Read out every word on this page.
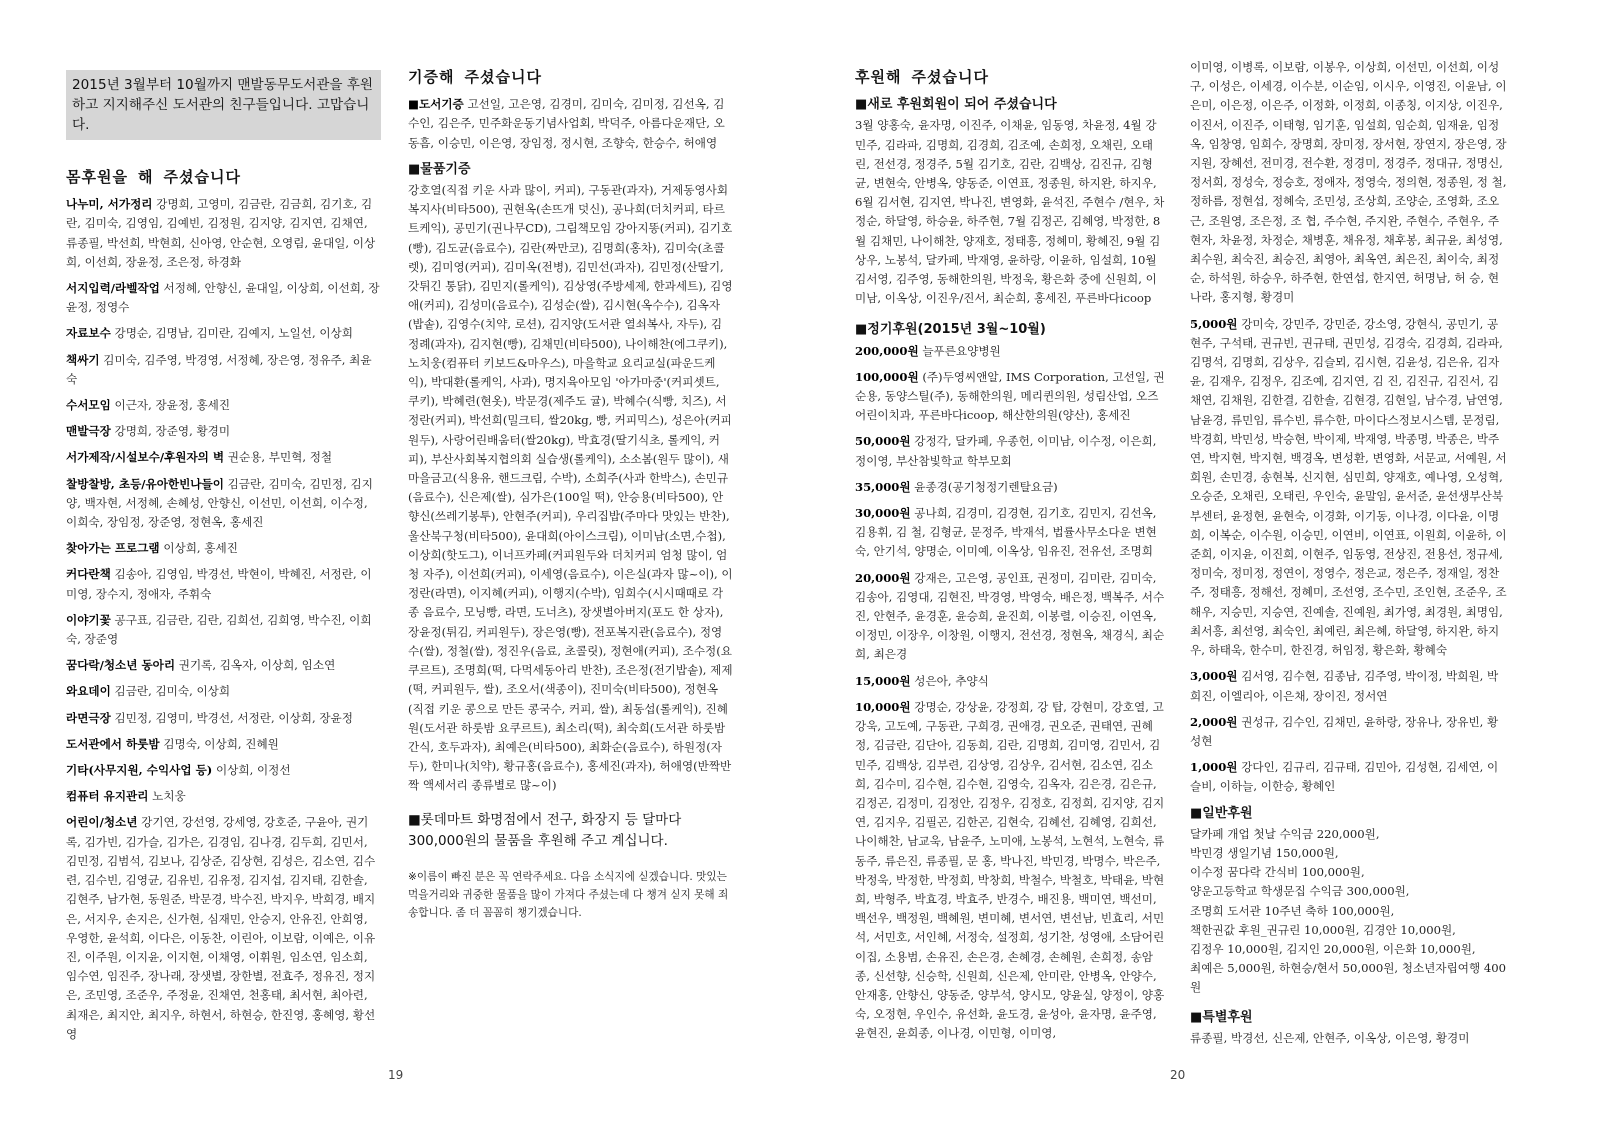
2015년 3월부터 10월까지 맨발동무도서관을 후원하고 지지해주신 도서관의 친구들입니다. 고맙습니다.
몸후원을 해 주셨습니다

나누미, 서가정리 강명희, 고영미, 김금란, 김금희, 김기호, 김 란, 김미숙, 김영임, 김예빈, 김정원, 김지양, 김지연, 김채연, 류종필, 박선희, 박현희, 신아영, 안순현, 오영림, 윤대일, 이상희, 이선희, 장윤정, 조은정, 하경화

서지입력/라벨작업 서정혜, 안향신, 윤대일, 이상희, 이선희, 장윤정, 정영수

자료보수 강명순, 김명남, 김미란, 김예지, 노일선, 이상희

책싸기 김미숙, 김주영, 박경영, 서정혜, 장은영, 정유주, 최윤숙

수서모임 이근자, 장윤정, 홍세진

맨발극장 강명희, 장준영, 황경미

서가제작/시설보수/후원자의 벽 권순용, 부민혁, 정철

찰방찰방, 초등/유아한빈나들이 김금란, 김미숙, 김민정, 김지양, 백자현, 서정혜, 손혜성, 안향신, 이선민, 이선희, 이수정, 이희숙, 장임정, 장준영, 정현옥, 홍세진

찾아가는 프로그램 이상희, 홍세진

커다란책 김송아, 김영임, 박경선, 박현이, 박혜진, 서정란, 이미영, 장수지, 정애자, 주휘숙

이야기꽃 공구표, 김금란, 김란, 김희선, 김희영, 박수진, 이희숙, 장준영

꿈다락/청소년 동아리 권기록, 김옥자, 이상희, 임소연

와요데이 김금란, 김미숙, 이상희

라면극장 김민정, 김영미, 박경선, 서정란, 이상희, 장윤정

도서관에서 하룻밤 김명숙, 이상희, 진혜원

기타(사무지원, 수익사업 등) 이상희, 이정선

컴퓨터 유지관리 노치웅

어린이/청소년 강기연, 강선영, 강세영, 강호준, 구윤아, 권기록, 김가빈, 김가슬, 김가은, 김경임, 김나경, 김두희, 김민서, 김민정, 김범석, 김보나, 김상준, 김상현, 김성은, 김소연, 김수련, 김수빈, 김영균, 김유빈, 김유정, 김지섭, 김지태, 김한솔, 김현주, 남가현, 동원준, 박문경, 박수진, 박지우, 박희경, 배지은, 서지우, 손지은, 신가현, 심재민, 안승지, 안유진, 안희영, 우영한, 윤석희, 이다은, 이동찬, 이린아, 이보람, 이예은, 이유진, 이주원, 이지윤, 이지현, 이채영, 이휘원, 임소연, 임소희, 임수연, 임진주, 장나래, 장샛별, 장한별, 전효주, 정유진, 정지은, 조민영, 조준우, 주정윤, 진채연, 천홍태, 최서현, 최아련, 최재은, 최지안, 최지우, 하현서, 하현승, 한진영, 홍혜영, 황선영

기증해 주셨습니다

■도서기증 고선일, 고은영, 김경미, 김미숙, 김미정, 김선옥, 김수인, 김은주, 민주화운동기념사업회, 박덕주, 아름다운재단, 오동흠, 이승민, 이은영, 장임정, 정시현, 조향숙, 한승수, 허애영

■물품기증

강호열(직접 키운 사과 많이, 커피), 구동관(과자), 거제동영사회복지사(비타500), 권현옥(손뜨개 덧신), 공나희(더치커피, 타르트케익), 공민기(권나무CD), 그림책모임 강아지똥(커피), 김기호(빵), 김도균(음료수), 김란(짜만코), 김명희(홍차), 김미숙(초콜렛), 김미영(커피), 김미옥(전병), 김민선(과자), 김민정(산딸기, 갓튀긴 통닭), 김민지(롤케익), 김상영(주방세제, 한과세트), 김영애(커피), 김성미(음료수), 김성순(쌀), 김시현(옥수수), 김옥자(밥솥), 김영수(치약, 로션), 김지양(도서관 열쇠복사, 자두), 김정례(과자), 김지현(빵), 김채민(비타500), 나이해찬(에그쿠키), 노치웅(컴퓨터 키보드&마우스), 마을학교 요리교실(파운드케익), 박대환(롤케익, 사과), 명지육아모임 '아가마중'(커피셋트, 쿠키), 박혜련(현옷), 박문경(제주도 귤), 박혜수(식빵, 치즈), 서정란(커피), 박선희(밀크티, 쌀20kg, 빵, 커피믹스), 성은아(커피 원두), 사랑어린배움터(쌀20kg), 박효경(딸기식초, 롤케익, 커피), 부산사회복지협의회 실습생(롤케익), 소소봄(원두 많이), 새마을금고(식용유, 핸드크림, 수박), 소희주(사과 한박스), 손민규(음료수), 신은제(쌀), 심가은(100일 떡), 안승용(비타500), 안향신(쓰레기봉투), 안현주(커피), 우리집밥(주마다 맛있는 반찬), 울산북구청(비타500), 윤대희(아이스크림), 이미남(소면,수첩), 이상희(핫도그), 이너프카페(커피원두와 더치커피 엄청 많이, 엄청 자주), 이선희(커피), 이세영(음료수), 이은실(과자 많~이), 이정란(라면), 이지혜(커피), 이행지(수박), 임희수(시시때때로 각종 음료수, 모닝빵, 라면, 도너츠), 장샛별아버지(포도 한 상자), 장윤정(튀김, 커피원두), 장은영(빵), 전포복지관(음료수), 정영수(쌀), 정철(쌀), 정진우(음료, 초콜릿), 정현애(커피), 조수정(요쿠르트), 조명희(떡, 다먹세동아리 반찬), 조은정(전기밥솥), 제제(떡, 커피원두, 쌀), 조오서(색종이), 진미숙(비타500), 정현옥(직접 키운 콩으로 만든 콩국수, 커피, 쌀), 최동섭(롤케익), 진혜원(도서관 하룻밤 요쿠르트), 최소리(떡), 최숙희(도서관 하룻밤 간식, 호두과자), 최예은(비타500), 최화순(음료수), 하원정(자두), 한미나(치약), 황규홍(음료수), 홍세진(과자), 허애영(반짝반짝 액세서리 종류별로 많~이)

■롯데마트 화명점에서 전구, 화장지 등 달마다 300,000원의 물품을 후원해 주고 계십니다.

※이름이 빠진 분은 꼭 연락주세요. 다음 소식지에 싣겠습니다. 맛있는 먹을거리와 귀중한 물품을 많이 가져다 주셨는데 다 챙겨 싣지 못해 죄송합니다. 좀 더 꼼꼼히 챙기겠습니다.

19
후원해 주셨습니다
■새로 후원회원이 되어 주셨습니다

3월 양홍숙, 윤자명, 이진주, 이채윤, 임동영, 차윤정, 4월 강민주, 김라파, 김명희, 김경희, 김조예, 손희정, 오채린, 오태린, 전선경, 정경주, 5월 김기호, 김란, 김백상, 김진규, 김형균, 변현숙, 안병옥, 양동준, 이연표, 정종원, 하지완, 하지우, 6월 김서현, 김지연, 박나진, 변영화, 윤석진, 주현수 /현우, 차정순, 하달영, 하승윤, 하주현, 7월 김정곤, 김혜영, 박정한, 8월 김채민, 나이해찬, 양재호, 정태흥, 정혜미, 황혜진, 9월 김상우, 노봉석, 달카페, 박재영, 윤하랑, 이윤하, 임설희, 10월 김서영, 김주영, 동해한의원, 박정욱, 황은화 중에 신원희, 이미남, 이옥상, 이진우/진서, 최순희, 홍세진, 푸른바다icoop

■정기후원(2015년 3월~10월)

200,000원 늘푸른요양병원

100,000원 (주)두영씨앤알, IMS Corporation, 고선일, 권순용, 동양스틸(주), 동해한의원, 메리퀸의원, 성림산업, 오즈어린이치과, 푸른바다icoop, 해산한의원(양산), 홍세진

50,000원 강정각, 달카페, 우종헌, 이미남, 이수정, 이은희, 정이영, 부산참빛학교 학부모회

35,000원 윤종경(공기청정기렌탈요금)

30,000원 공나희, 김경미, 김경현, 김기호, 김민지, 김선옥, 김용휘, 김 철, 김형균, 문정주, 박재석, 법률사무소다운 변현숙, 안기석, 양명순, 이미예, 이옥상, 임유진, 전유선, 조명희

20,000원 강재은, 고은영, 공인표, 권정미, 김미란, 김미숙, 김송아, 김영대, 김현진, 박경영, 박영숙, 배은정, 백복주, 서수진, 안현주, 윤경훈, 윤승희, 윤진희, 이봉렬, 이승진, 이연옥, 이정민, 이장우, 이창원, 이행지, 전선경, 정현옥, 채경식, 최순희, 최은경

15,000원 성은아, 추양식

10,000원 강명순, 강상윤, 강정희, 강 탑, 강현미, 강호열, 고강욱, 고도예, 구동관, 구희경, 권애경, 권오준, 권태연, 권혜정, 김금란, 김단아, 김동희, 김란, 김명희, 김미영, 김민서, 김민주, 김백상, 김부련, 김상영, 김상우, 김서현, 김소연, 김소희, 김수미, 김수현, 김수현, 김영숙, 김옥자, 김은경, 김은규, 김정곤, 김정미, 김정안, 김정우, 김정호, 김정희, 김지양, 김지연, 김지우, 김필곤, 김한곤, 김현숙, 김혜선, 김혜영, 김희선, 나이해찬, 남교욱, 남윤주, 노미애, 노봉석, 노현석, 노현숙, 류동주, 류은진, 류종필, 문 홍, 박나진, 박민경, 박명수, 박은주, 박정욱, 박정한, 박정희, 박창희, 박철수, 박철호, 박태윤, 박현희, 박형주, 박효경, 박효주, 반경수, 배진용, 백미연, 백선미, 백선우, 백정원, 백혜원, 변미혜, 변서연, 변선남, 빈효리, 서민석, 서민호, 서인혜, 서정숙, 설정희, 성기찬, 성영애, 소담어린이집, 소용범, 손유진, 손은경, 손혜경, 손혜원, 손희정, 송암종, 신선향, 신승학, 신원희, 신은제, 안미란, 안병옥, 안양수, 안재홍, 안향신, 양동준, 양부석, 양시모, 양윤실, 양정이, 양홍숙, 오정현, 우인수, 유선화, 윤도경, 윤성아, 윤자명, 윤주영, 윤현진, 윤희종, 이나경, 이민형, 이미영,

이미영, 이병록, 이보람, 이봉우, 이상희, 이선민, 이선희, 이성구, 이성은, 이세경, 이수분, 이순임, 이시우, 이영진, 이윤남, 이은미, 이은정, 이은주, 이정화, 이정희, 이종칭, 이지상, 이진우, 이진서, 이진주, 이태형, 임기훈, 임설희, 임순희, 임재윤, 임정옥, 임창영, 임희수, 장명희, 장미정, 장서현, 장연지, 장은영, 장지원, 장혜선, 전미경, 전수환, 정경미, 정경주, 정대규, 정명신, 정서희, 정성숙, 정승호, 정애자, 정영숙, 정의현, 정종원, 정 철, 정하름, 정현섭, 정혜숙, 조민성, 조상희, 조양순, 조영화, 조오근, 조원영, 조은정, 조 협, 주수현, 주지완, 주현수, 주현우, 주현자, 차윤정, 차정순, 채병훈, 채유정, 채후봉, 최규윤, 최성영, 최수원, 최숙진, 최승진, 최영아, 최옥연, 최은진, 최이숙, 최정순, 하석원, 하승우, 하주현, 한연섭, 한지연, 허명남, 허 승, 현나라, 홍지형, 황경미

5,000원 강미숙, 강민주, 강민준, 강소영, 강현식, 공민기, 공현주, 구석태, 권규빈, 권규태, 권민성, 김경숙, 김경희, 김라파, 김명석, 김명희, 김상우, 김슬뫼, 김시현, 김윤성, 김은유, 김자윤, 김재우, 김정우, 김조예, 김지연, 김 진, 김진규, 김진서, 김채연, 김채원, 김한결, 김한솔, 김현경, 김현일, 남수경, 남연영, 남윤경, 류민임, 류수빈, 류수한, 마이다스정보시스템, 문정림, 박경희, 박민성, 박승현, 박이제, 박재영, 박종명, 박종은, 박주연, 박지현, 박지현, 백경옥, 변성환, 변영화, 서문교, 서예원, 서희원, 손민경, 송현복, 신지현, 심민희, 양재호, 예나영, 오성혁, 오승준, 오채린, 오태린, 우인숙, 윤말임, 윤서준, 윤선생부산북부센터, 윤정현, 윤현숙, 이경화, 이기동, 이나경, 이다윤, 이명희, 이복순, 이수원, 이승민, 이연비, 이연표, 이원희, 이윤하, 이준희, 이지윤, 이진희, 이현주, 임동영, 전상진, 전용선, 정규세, 정미숙, 정미정, 정연이, 정영수, 정은교, 정은주, 정재일, 정찬주, 정태흥, 정해선, 정혜미, 조선영, 조수민, 조인현, 조준우, 조해우, 지승민, 지승연, 진예솔, 진예원, 최가영, 최경원, 최명임, 최서흥, 최선영, 최숙인, 최예린, 최은혜, 하달영, 하지완, 하지우, 하태욱, 한수미, 한진경, 허임정, 황은화, 황혜숙

3,000원 김서영, 김수현, 김종남, 김주영, 박이정, 박희원, 박희진, 이엘리아, 이은채, 장이진, 정서연

2,000원 권성규, 김수인, 김채민, 윤하랑, 장유나, 장유빈, 황성현

1,000원 강다인, 김규리, 김규태, 김민아, 김성현, 김세연, 이슬비, 이하늘, 이한승, 황혜인

■일반후원

달카페 개업 첫날 수익금 220,000원,

박민경 생일기념 150,000원,

이수정 꿈다락 간식비 100,000원,

양운고등학교 학생문집 수익금 300,000원,

조명희 도서관 10주년 축하 100,000원,

책한권값 후원_권규린 10,000원, 김경안 10,000원,

김정우 10,000원, 김지인 20,000원, 이은화 10,000원,

최예은 5,000원, 하현승/현서 50,000원, 청소년자립여행 400원

■특별후원

류종필, 박경선, 신은제, 안현주, 이옥상, 이은영, 황경미

20
